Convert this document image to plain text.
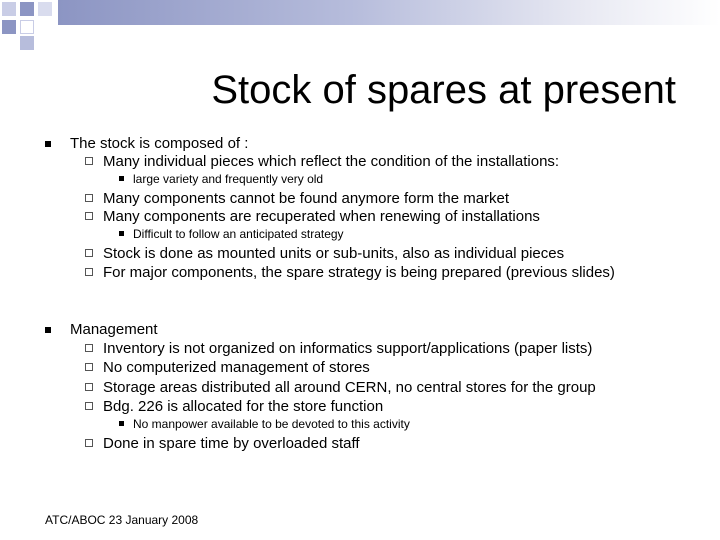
Stock of spares at present
The stock is composed of :
Many individual pieces which reflect the condition of the installations:
large variety and frequently very old
Many components cannot be found anymore form the market
Many components are recuperated when renewing of installations
Difficult to follow an anticipated strategy
Stock is done as mounted units or sub-units, also as individual pieces
For major components, the spare strategy is being prepared (previous slides)
Management
Inventory is not organized on informatics support/applications (paper lists)
No computerized management of stores
Storage areas distributed all around CERN, no central stores for the group
Bdg. 226 is allocated for the store function
No manpower available to be devoted to this activity
Done in spare time by overloaded staff
ATC/ABOC 23 January 2008
